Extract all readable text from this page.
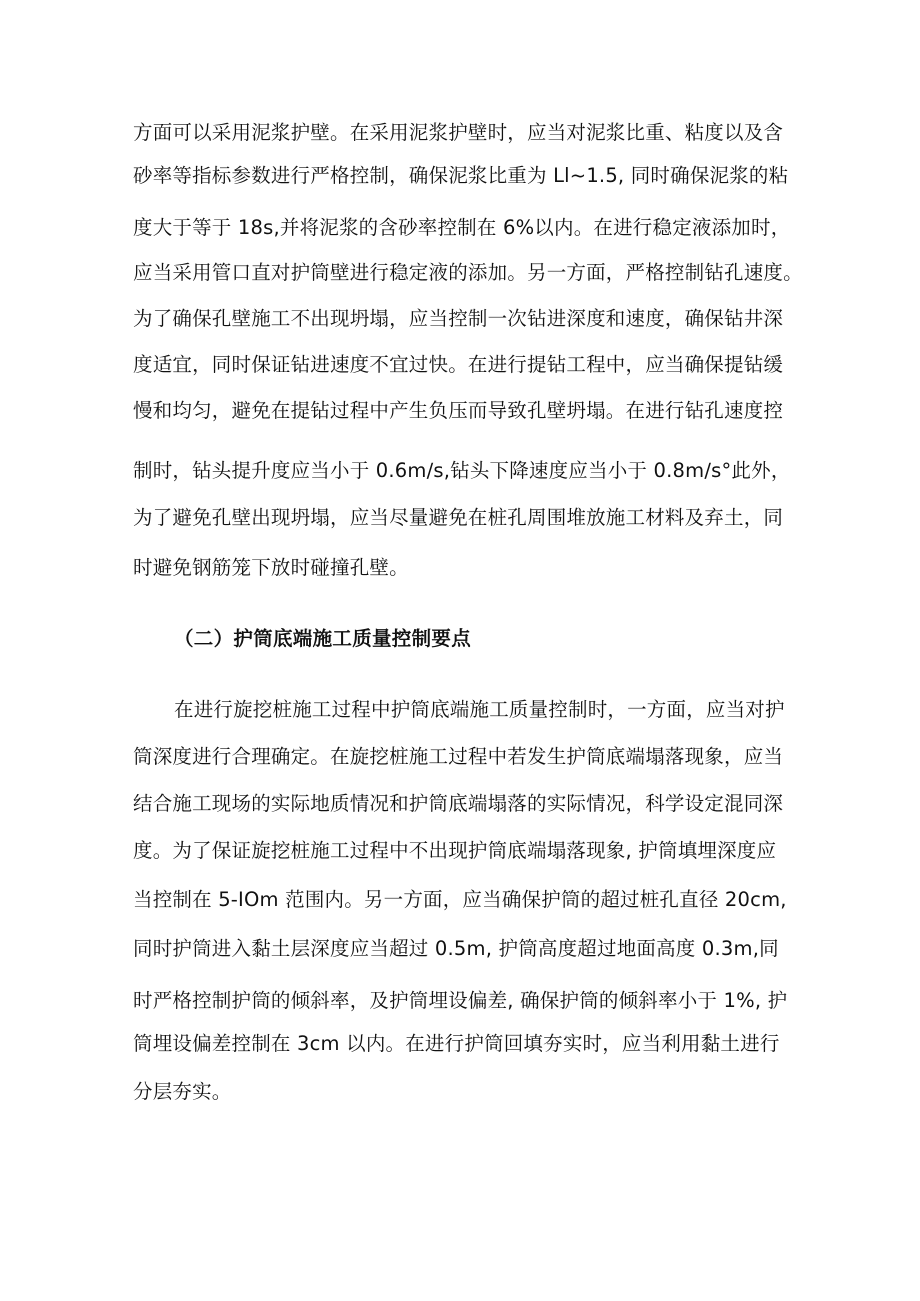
方面可以采用泥浆护壁。在采用泥浆护壁时，应当对泥浆比重、粘度以及含
砂率等指标参数进行严格控制，确保泥浆比重为 Ll~1.5, 同时确保泥浆的粘
度大于等于 18s,并将泥浆的含砂率控制在 6%以内。在进行稳定液添加时，
应当采用管口直对护筒壁进行稳定液的添加。另一方面，严格控制钻孔速度。
为了确保孔壁施工不出现坍塌，应当控制一次钻进深度和速度，确保钻井深
度适宜，同时保证钻进速度不宜过快。在进行提钻工程中，应当确保提钻缓
慢和均匀，避免在提钻过程中产生负压而导致孔壁坍塌。在进行钻孔速度控
制时，钻头提升度应当小于 0.6m∕s,钻头下降速度应当小于 0.8m∕s°此外，
为了避免孔壁出现坍塌，应当尽量避免在桩孔周围堆放施工材料及弃土，同
时避免钢筋笼下放时碰撞孔壁。
（二）护筒底端施工质量控制要点
在进行旋挖桩施工过程中护筒底端施工质量控制时，一方面，应当对护
筒深度进行合理确定。在旋挖桩施工过程中若发生护筒底端塌落现象，应当
结合施工现场的实际地质情况和护筒底端塌落的实际情况，科学设定混同深
度。为了保证旋挖桩施工过程中不出现护筒底端塌落现象, 护筒填埋深度应
当控制在 5-IOm 范围内。另一方面，应当确保护筒的超过桩孔直径 20cm,
同时护筒进入黏土层深度应当超过 0.5m, 护筒高度超过地面高度 0.3m,同
时严格控制护筒的倾斜率，及护筒埋设偏差, 确保护筒的倾斜率小于 1%, 护
筒埋设偏差控制在 3cm 以内。在进行护筒回填夯实时，应当利用黏土进行
分层夯实。
